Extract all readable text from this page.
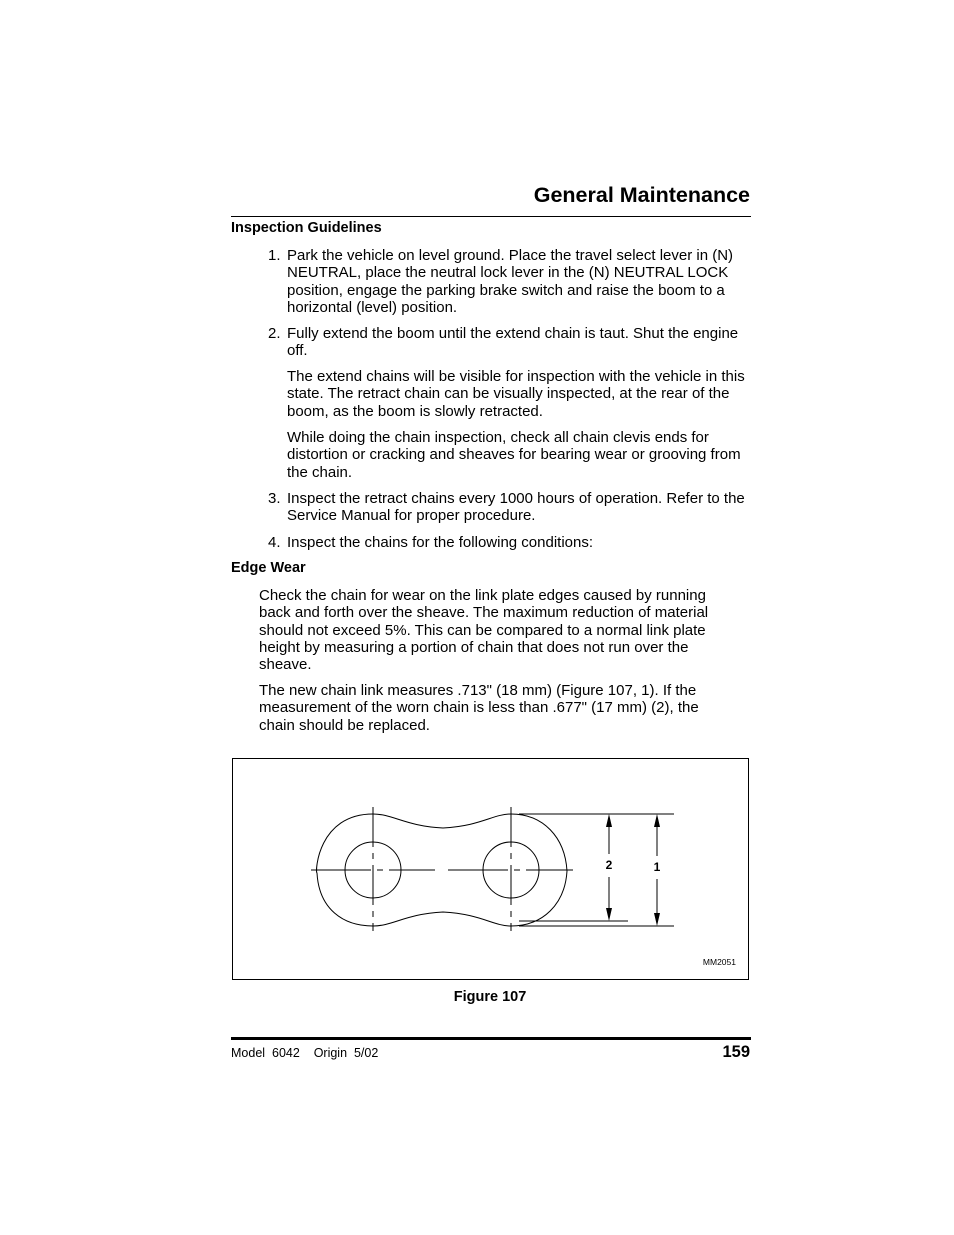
General Maintenance
Inspection Guidelines
1. Park the vehicle on level ground. Place the travel select lever in (N) NEUTRAL, place the neutral lock lever in the (N) NEUTRAL LOCK position, engage the parking brake switch and raise the boom to a horizontal (level) position.

2. Fully extend the boom until the extend chain is taut. Shut the engine off.

The extend chains will be visible for inspection with the vehicle in this state. The retract chain can be visually inspected, at the rear of the boom, as the boom is slowly retracted.

While doing the chain inspection, check all chain clevis ends for distortion or cracking and sheaves for bearing wear or grooving from the chain.

3. Inspect the retract chains every 1000 hours of operation. Refer to the Service Manual for proper procedure.

4. Inspect the chains for the following conditions:

Edge Wear

Check the chain for wear on the link plate edges caused by running back and forth over the sheave. The maximum reduction of material should not exceed 5%. This can be compared to a normal link plate height by measuring a portion of chain that does not run over the sheave.

The new chain link measures .713" (18 mm) (Figure 107, 1). If the measurement of the worn chain is less than .677" (17 mm) (2), the chain should be replaced.

2	1
MM2051

Figure 107

Model  6042    Origin  5/02	159
